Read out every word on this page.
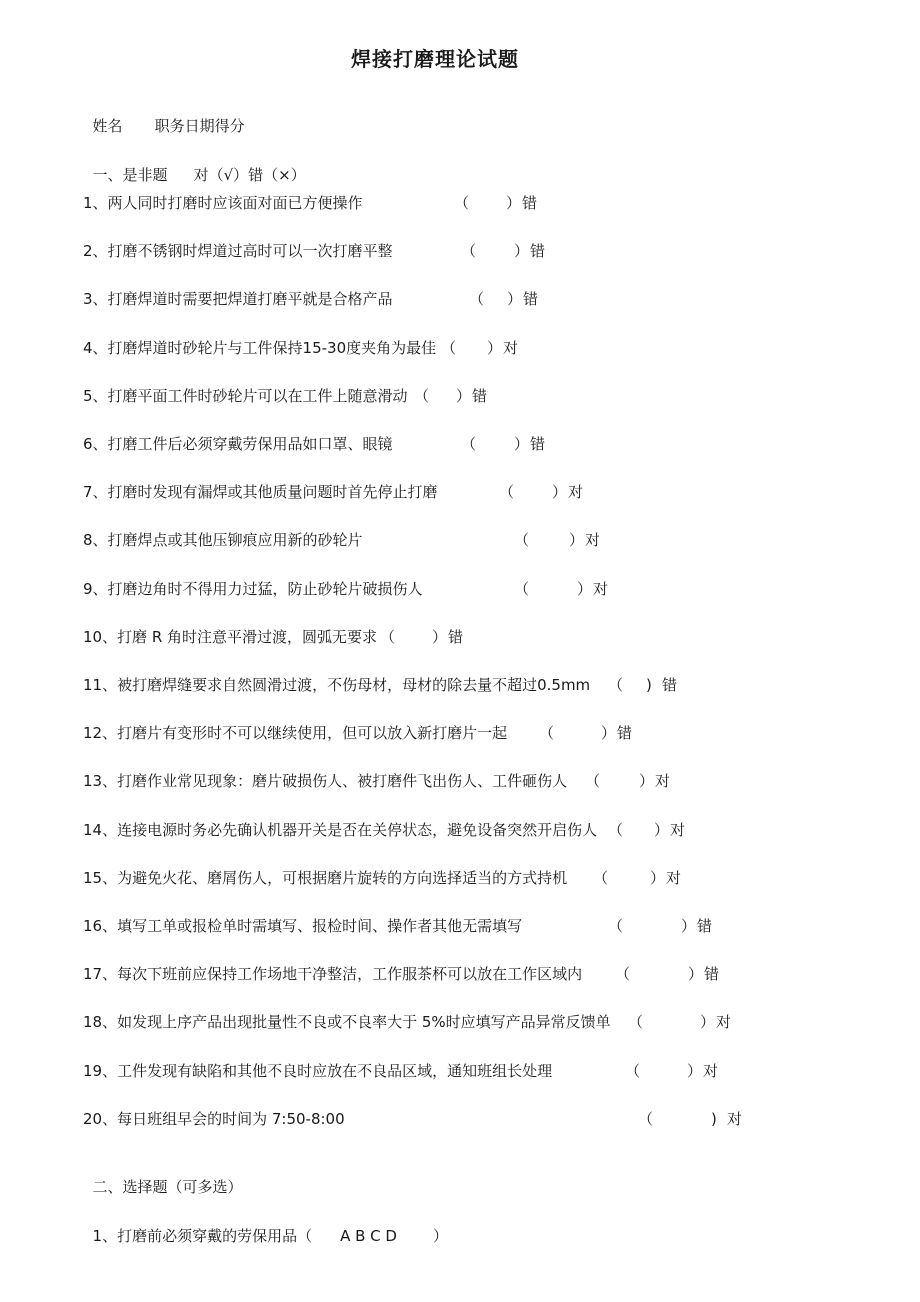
焊接打磨理论试题

姓名 职务日期得分

一、是非题 对（√）错（×）

1、两人同时打磨时应该面对面已方便操作	（ ） 错
2、打磨不锈钢时焊道过高时可以一次打磨平整	（	） 错
3、打磨焊道时需要把焊道打磨平就是合格产品	（ ） 错
4、打磨焊道时砂轮片与工件保持15-30度夹角为最佳 （ ） 对
5、打磨平面工件时砂轮片可以在工件上随意滑动 （ ） 错
6、打磨工件后必须穿戴劳保用品如口罩、眼镜	（	） 错
7、打磨时发现有漏焊或其他质量问题时首先停止打磨	（	） 对
8、打磨焊点或其他压铆痕应用新的砂轮片	（	） 对
9、打磨边角时不得用力过猛，防止砂轮片破损伤人	（	） 对
10、打磨 R 角时注意平滑过渡，圆弧无要求 （ ） 错
11、被打磨焊缝要求自然圆滑过渡，不伤母材，母材的除去量不超过0.5mm （ ) 错
12、打磨片有变形时不可以继续使用，但可以放入新打磨片一起 （	） 错
13、打磨作业常见现象：磨片破损伤人、被打磨件飞出伤人、工件砸伤人 （	） 对
14、连接电源时务必先确认机器开关是否在关停状态，避免设备突然开启伤人 （ ） 对
15、为避免火花、磨屑伤人，可根据磨片旋转的方向选择适当的方式持机 （	） 对
16、填写工单或报检单时需填写、报检时间、操作者其他无需填写	（	） 错
17、每次下班前应保持工作场地干净整洁，工作服茶杯可以放在工作区域内 （	） 错
18、如发现上序产品出现批量性不良或不良率大于 5%时应填写产品异常反馈单 （	） 对
19、工件发现有缺陷和其他不良时应放在不良品区域，通知班组长处理	（	） 对
20、每日班组早会的时间为 7:50-8:00	（	) 对

二、选择题（可多选）

1、打磨前必须穿戴的劳保用品（ A B C D ）
